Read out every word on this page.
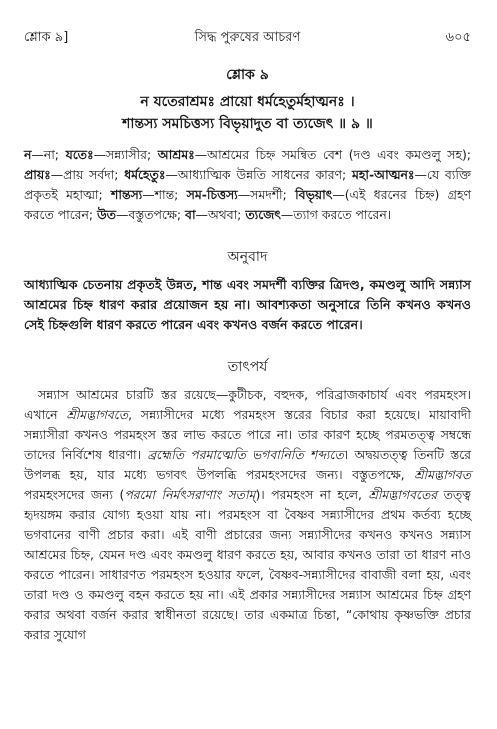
শ্লোক ৯]	সিদ্ধ পুরুষের আচরণ	৬০৫
শ্লোক ৯
ন যতেরাশ্রমঃ প্রায়ো ধর্মহেতুর্মহাত্মনঃ ।
শান্তস্য সমচিত্তস্য বিভৃয়াদুত বা ত্যজেৎ ॥ ৯ ॥
ন—না; যতেঃ—সন্ন্যাসীর; আশ্রমঃ—আশ্রমের চিহ্ন সমন্বিত বেশ (দণ্ড এবং কমণ্ডলু সহ); প্রায়ঃ—প্রায় সর্বদা; ধর্মহেতুঃ—আধ্যাত্মিক উন্নতি সাধনের কারণ; মহা-আত্মনঃ—যে ব্যক্তি প্রকৃতই মহাত্মা; শান্তস্য—শান্ত; সম-চিত্তস্য—সমদর্শী; বিভৃয়াৎ—(এই ধরনের চিহ্ন) গ্রহণ করতে পারেন; উত—বস্তুতপক্ষে; বা—অথবা; ত্যজেৎ—ত্যাগ করতে পারেন।
অনুবাদ
আধ্যাত্মিক চেতনায় প্রকৃতই উন্নত, শান্ত এবং সমদর্শী ব্যক্তির ত্রিদণ্ড, কমণ্ডলু আদি সন্ন্যাস আশ্রমের চিহ্ন ধারণ করার প্রয়োজন হয় না। আবশ্যকতা অনুসারে তিনি কখনও কখনও সেই চিহ্নগুলি ধারণ করতে পারেন এবং কখনও বর্জন করতে পারেন।
তাৎপর্য
সন্ন্যাস আশ্রমের চারটি স্তর রয়েছে—কুটীচক, বহুদক, পরিব্রাজকাচার্য এবং পরমহংস। এখানে শ্রীমদ্ভাগবতে, সন্ন্যাসীদের মধ্যে পরমহংস স্তরের বিচার করা হয়েছে। মায়াবাদী সন্ন্যাসীরা কখনও পরমহংস স্তর লাভ করতে পারে না। তার কারণ হচ্ছে পরমতত্ত্ব সম্বন্ধে তাদের নির্বিশেষ ধারণা। ব্রহ্মেতি পরমাত্মেতি ভগবানিতি শব্দ্যতে। অদ্বয়তত্ত্ব তিনটি স্তরে উপলব্ধ হয়, যার মধ্যে ভগবৎ উপলব্ধি পরমহংসদের জন্য। বস্তুতপক্ষে, শ্রীমদ্ভাগবত পরমহংসদের জন্য (পরমো নির্মৎসরাণাং সতাম্‌)। পরমহংস না হলে, শ্রীমদ্ভাগবতের তত্ত্ব হৃদয়ঙ্গম করার যোগ্য হওয়া যায় না। পরমহংস বা বৈষ্ণব সন্ন্যাসীদের প্রথম কর্তব্য হচ্ছে ভগবানের বাণী প্রচার করা। এই বাণী প্রচারের জন্য সন্ন্যাসীদের কখনও কখনও সন্ন্যাস আশ্রমের চিহ্ন, যেমন দণ্ড এবং কমণ্ডলু ধারণ করতে হয়, আবার কখনও তারা তা ধারণ নাও করতে পারেন। সাধারণত পরমহংস হওয়ার ফলে, বৈষ্ণব-সন্ন্যাসীদের বাবাজী বলা হয়, এবং তারা দণ্ড ও কমণ্ডলু বহন করতে হয় না। এই প্রকার সন্ন্যাসীদের সন্ন্যাস আশ্রমের চিহ্ন গ্রহণ করার অথবা বর্জন করার স্বাধীনতা রয়েছে। তার একমাত্র চিন্তা, “কোথায় কৃষ্ণভক্তি প্রচার করার সুযোগ
